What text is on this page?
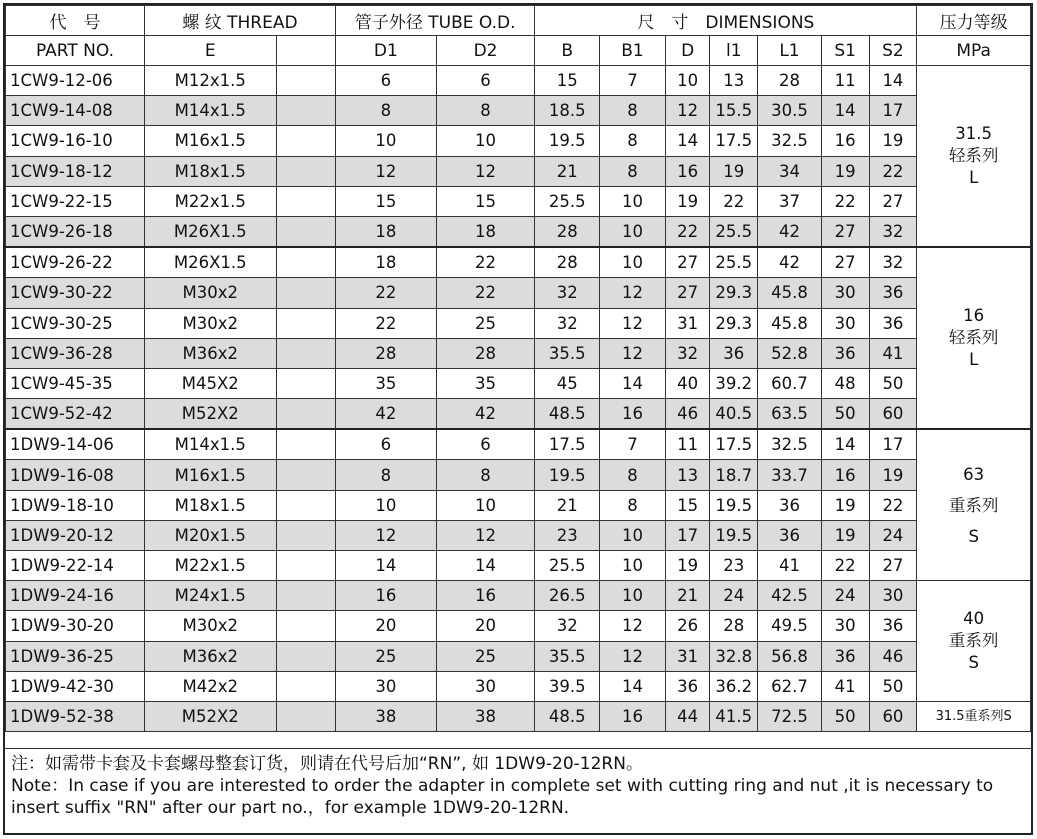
代　号	螺 纹 THREAD		管子外径 TUBE O.D.		尺　寸　DIMENSIONS							压力等级
PART NO.	E		D1	D2	B	B1	D	l1	L1	S1	S2	MPa
1CW9-12-06	M12x1.5		6	6	15	7	10	13	28	11	14	31.5
轻系列
L

1CW9-14-08	M14x1.5		8	8	18.5	8	12	15.5	30.5	14	17	
1CW9-16-10	M16x1.5		10	10	19.5	8	14	17.5	32.5	16	19	
1CW9-18-12	M18x1.5		12	12	21	8	16	19	34	19	22	
1CW9-22-15	M22x1.5		15	15	25.5	10	19	22	37	22	27	
1CW9-26-18	M26X1.5		18	18	28	10	22	25.5	42	27	32	
1CW9-26-22	M26X1.5		18	22	28	10	27	25.5	42	27	32	16
轻系列
L

1CW9-30-22	M30x2		22	22	32	12	27	29.3	45.8	30	36	
1CW9-30-25	M30x2		22	25	32	12	31	29.3	45.8	30	36	
1CW9-36-28	M36x2		28	28	35.5	12	32	36	52.8	36	41	
1CW9-45-35	M45X2		35	35	45	14	40	39.2	60.7	48	50	
1CW9-52-42	M52X2		42	42	48.5	16	46	40.5	63.5	50	60	
1DW9-14-06	M14x1.5		6	6	17.5	7	11	17.5	32.5	14	17	63
重系列
S

1DW9-16-08	M16x1.5		8	8	19.5	8	13	18.7	33.7	16	19	
1DW9-18-10	M18x1.5		10	10	21	8	15	19.5	36	19	22	
1DW9-20-12	M20x1.5		12	12	23	10	17	19.5	36	19	24	
1DW9-22-14	M22x1.5		14	14	25.5	10	19	23	41	22	27	
1DW9-24-16	M24x1.5		16	16	26.5	10	21	24	42.5	24	30	40
重系列
S

1DW9-30-20	M30x2		20	20	32	12	26	28	49.5	30	36	
1DW9-36-25	M36x2		25	25	35.5	12	31	32.8	56.8	36	46	
1DW9-42-30	M42x2		30	30	39.5	14	36	36.2	62.7	41	50	
1DW9-52-38	M52X2		38	38	48.5	16	44	41.5	72.5	50	60	31.5重系列S
注：如需带卡套及卡套螺母整套订货，则请在代号后加“RN”, 如 1DW9-20-12RN。
Note：In case if you are interested to order the adapter in complete set with cutting ring and nut ,it is necessary to insert suffix "RN" after our part no.，for example 1DW9-20-12RN.
